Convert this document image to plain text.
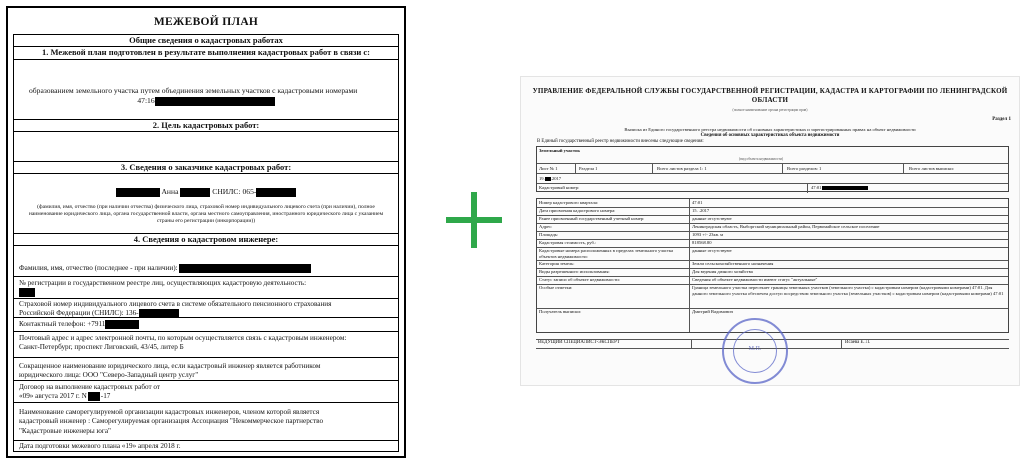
МЕЖЕВОЙ ПЛАН
Общие сведения о кадастровых работах
1. Межевой план подготовлен в результате выполнения кадастровых работ в связи с:
образованием земельного участка путем объединения земельных участков с кадастровыми номерами
47:16
2. Цель кадастровых работ:
3. Сведения о заказчике кадастровых работ:
Анна	СНИЛС: 065-
(фамилия, имя, отчество (при наличии отчества) физического лица, страховой номер индивидуального лицевого счета (при наличии), полное наименование юридического лица, органа государственной власти, органа местного самоуправления, иностранного юридического лица с указанием страны его регистрации (инкорпорации))
4. Сведения о кадастровом инженере:
Фамилия, имя, отчество (последнее - при наличии):
№ регистрации в государственном реестре лиц, осуществляющих кадастровую деятельность:
Страховой номер индивидуального лицевого счета в системе обязательного пенсионного страхования
Российской Федерации (СНИЛС): 136-
Контактный телефон: +7911
Почтовый адрес и адрес электронной почты, по которым осуществляется связь с кадастровым инженером:
Санкт-Петербург, проспект Лиговский, 43/45, литер Б
Сокращенное наименование юридического лица, если кадастровый инженер является работником
юридического лица: ООО "Северо-Западный центр услуг"
Договор на выполнение кадастровых работ от
«09» августа 2017 г. N -17
Наименование саморегулируемой организации кадастровых инженеров, членом которой является
кадастровый инженер : Саморегулируемая организация Ассоциация "Некоммерческое партнерство
"Кадастровые инженеры юга"
Дата подготовки межевого плана «19» апреля 2018 г.
УПРАВЛЕНИЕ ФЕДЕРАЛЬНОЙ СЛУЖБЫ ГОСУДАРСТВЕННОЙ РЕГИСТРАЦИИ, КАДАСТРА И КАРТОГРАФИИ ПО ЛЕНИНГРАДСКОЙ ОБЛАСТИ
(полное наименование органа регистрации прав)
Раздел 1
Выписка из Единого государственного реестра недвижимости об основных характеристиках и зарегистрированных правах на объект недвижимости
Сведения об основных характеристиках объекта недвижимости
В Единый государственный реестр недвижимости внесены следующие сведения:
Земельный участок
(вид объекта недвижимости)
Лист № 1	Раздела 1	Всего листов раздела 1: 1	Всего разделов: 1	Всего листов выписки:
19. .2017
Кадастровый номер:	47:01
Номер кадастрового квартала:	47:01
Дата присвоения кадастрового номера:	15. .2017
Ранее присвоенный государственный учетный номер:	данные отсутствуют
Адрес:	Ленинградская область, Выборгский муниципальный район, Первомайское сельское поселение
Площадь:	1093 +/- 23кв. м
Кадастровая стоимость, руб.:	818568.80
Кадастровые номера расположенных в пределах земельного участка объектов недвижимости:
данные отсутствуют
Категория земель:	Земли сельскохозяйственного назначения
Виды разрешенного использования:	Для ведения дачного хозяйства
Статус записи об объекте недвижимости:	Сведения об объекте недвижимости имеют статус "актуальные"
Особые отметки:	Граница земельного участка пересекает границы земельных участков (земельного участка) с кадастровым номером (кадастровыми номерами) 47:01. Для данного земельного участка обеспечен доступ посредством земельного участка (земельных участков) с кадастровым номером (кадастровыми номерами) 47:01
Получатель выписки:	Дмитрий Вадимович
ВЕДУЩИЙ СПЕЦИАЛИСТ-ЭКСПЕРТ	Исаева Е. Л.
М.П.
